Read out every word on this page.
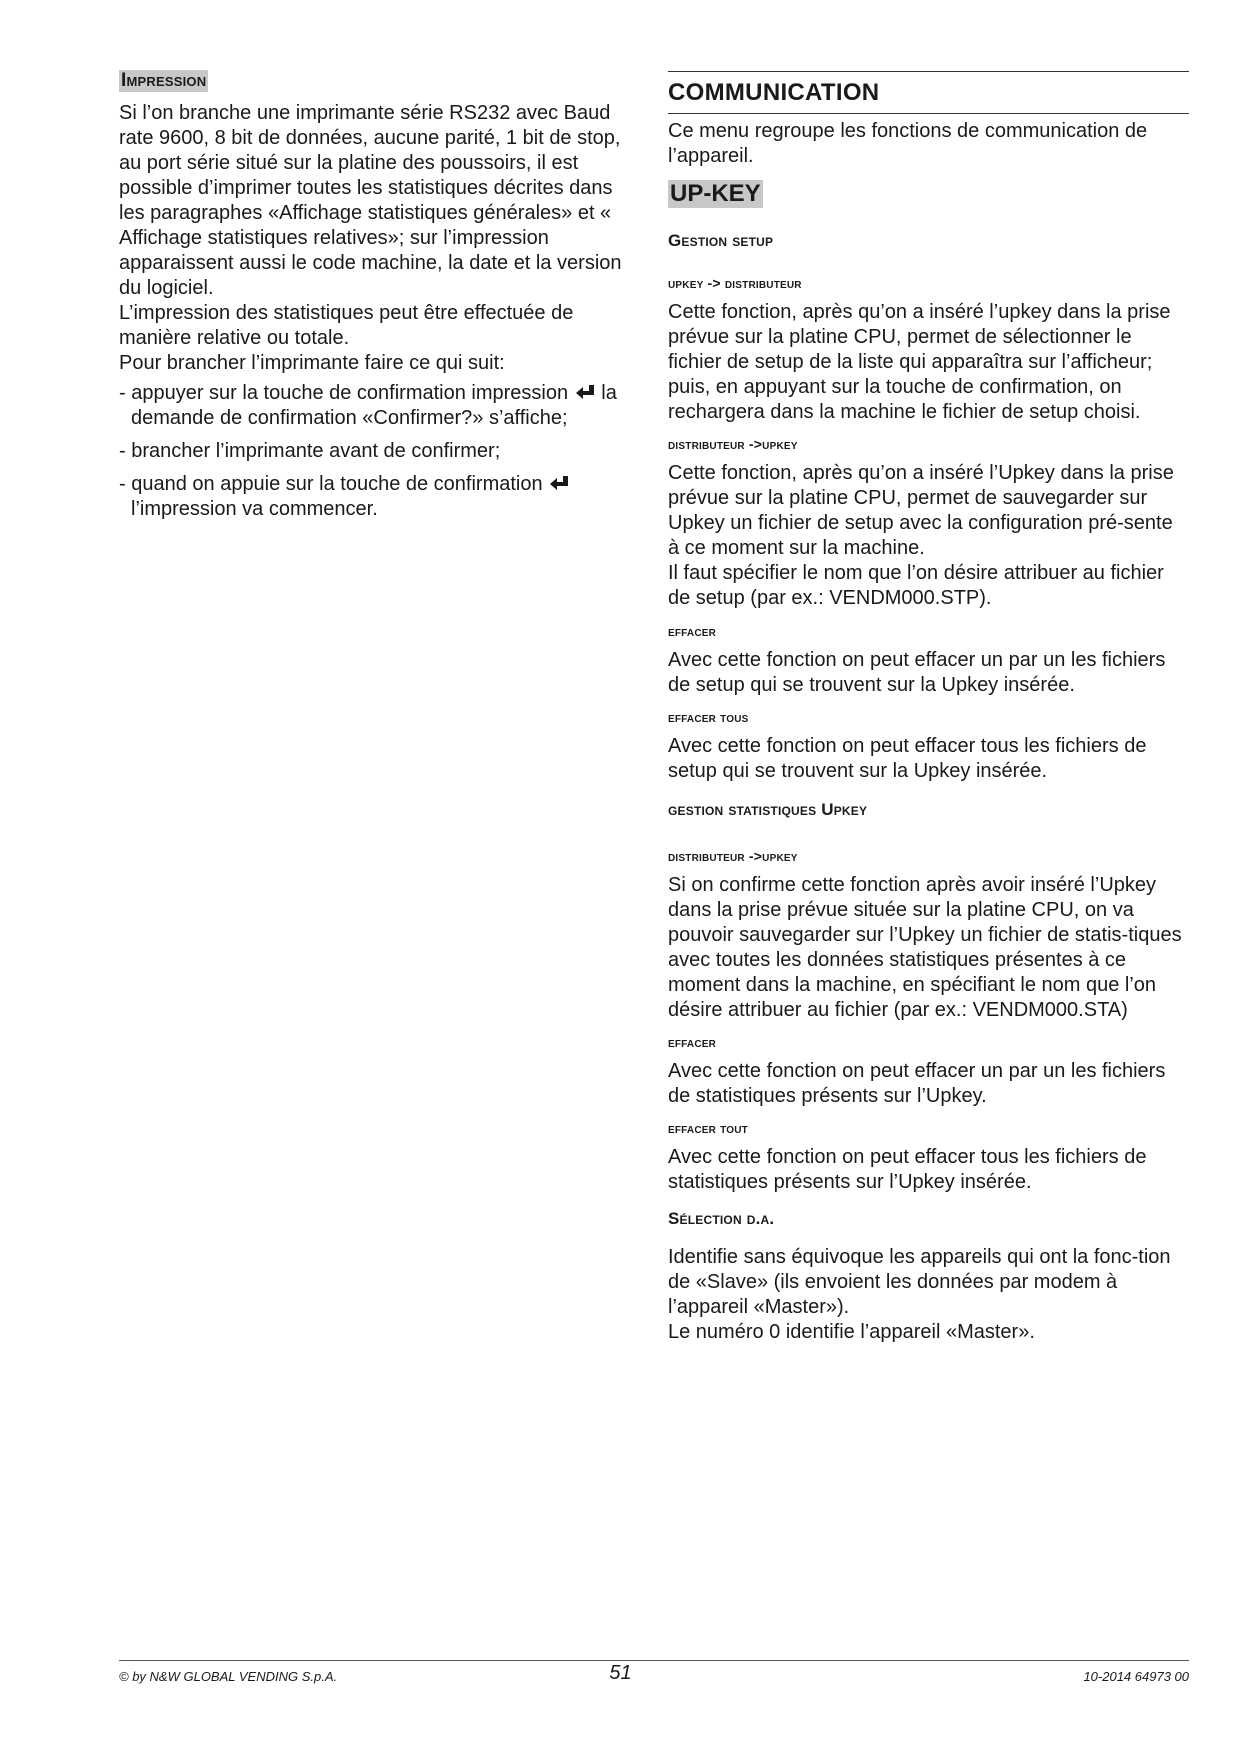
Impression

Si l’on branche une imprimante série RS232 avec Baud rate 9600, 8 bit de données, aucune parité, 1 bit de stop, au port série situé sur la platine des poussoirs, il est possible d’imprimer toutes les statistiques décrites dans les paragraphes «Affichage statistiques générales» et « Affichage statistiques relatives»; sur l’impression apparaissent aussi le code machine, la date et la version du logiciel.

L’impression des statistiques peut être effectuée de manière relative ou totale.

Pour brancher l’imprimante faire ce qui suit:

- appuyer sur la touche de confirmation impression la demande de confirmation «Confirmer?» s’affiche;
- brancher l’imprimante avant de confirmer;
- quand on appuie sur la touche de confirmation  l’impression va commencer.
COMMUNICATION

Ce menu regroupe les fonctions de communication de l’appareil.

UP-KEY
Gestion setup
upkey -> distributeur

Cette fonction, après qu’on a inséré l’upkey dans la prise prévue sur la platine CPU, permet de sélectionner le fichier de setup de la liste qui apparaîtra sur l’afficheur; puis, en appuyant sur la touche de confirmation, on rechargera dans la machine le fichier de setup choisi.

distributeur ->upkey

Cette fonction, après qu’on a inséré l’Upkey dans la prise prévue sur la platine CPU, permet de sauvegarder sur Upkey un fichier de setup avec la configuration pré-sente à ce moment sur la machine.

Il faut spécifier le nom que l’on désire attribuer au fichier de setup (par ex.: VENDM000.STP).

effacer

Avec cette fonction on peut effacer un par un les fichiers de setup qui se trouvent sur la Upkey insérée.

effacer tous

Avec cette fonction on peut effacer tous les fichiers de setup qui se trouvent sur la Upkey insérée.

gestion statistiques Upkey
distributeur ->upkey

Si on confirme cette fonction après avoir inséré l’Upkey dans la prise prévue située sur la platine CPU, on va pouvoir sauvegarder sur l’Upkey un fichier de statis-tiques avec toutes les données statistiques présentes à ce moment dans la machine, en spécifiant le nom que l’on désire attribuer au fichier (par ex.: VENDM000.STA)

effacer

Avec cette fonction on peut effacer un par un les fichiers de statistiques présents sur l’Upkey.

effacer tout

Avec cette fonction on peut effacer tous les fichiers de statistiques présents sur l’Upkey insérée.

Sélection d.a.

Identifie sans équivoque les appareils qui ont la fonc-tion de «Slave» (ils envoient les données par modem à l’appareil «Master»).

Le numéro 0 identifie l’appareil «Master».

© by N&W GLOBAL VENDING S.p.A.	51	10-2014 64973 00
